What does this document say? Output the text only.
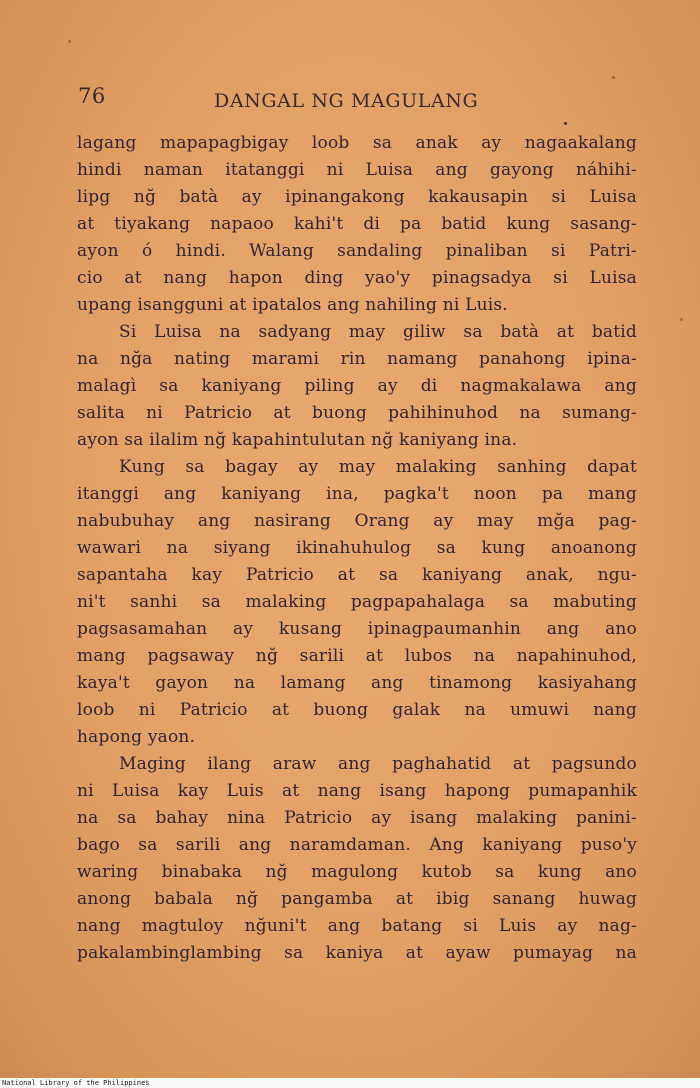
76	DANGAL NG MAGULANG
lagang mapapagbigay loob sa anak ay nagaakalang
hindi naman itatanggi ni Luisa ang gayong náhihi-
lipg nğ batà ay ipinangakong kakausapin si Luisa
at tiyakang napaoo kahi't di pa batid kung sasang-
ayon ó hindi. Walang sandaling pinaliban si Patri-
cio at nang hapon ding yao'y pinagsadya si Luisa
upang isangguni at ipatalos ang nahiling ni Luis.
Si Luisa na sadyang may giliw sa batà at batid
na nğa nating marami rin namang panahong ipina-
malagì sa kaniyang piling ay di nagmakalawa ang
salita ni Patricio at buong pahihinuhod na sumang-
ayon sa ilalim nğ kapahintulutan nğ kaniyang ina.
Kung sa bagay ay may malaking sanhing dapat
itanggi ang kaniyang ina, pagka't noon pa mang
nabubuhay ang nasirang Orang ay may mğa pag-
wawari na siyang ikinahuhulog sa kung anoanong
sapantaha kay Patricio at sa kaniyang anak, ngu-
ni't sanhi sa malaking pagpapahalaga sa mabuting
pagsasamahan ay kusang ipinagpaumanhin ang ano
mang pagsaway nğ sarili at lubos na napahinuhod,
kaya't gayon na lamang ang tinamong kasiyahang
loob ni Patricio at buong galak na umuwi nang
hapong yaon.
Maging ilang araw ang paghahatid at pagsundo
ni Luisa kay Luis at nang isang hapong pumapanhik
na sa bahay nina Patricio ay isang malaking panini-
bago sa sarili ang naramdaman. Ang kaniyang puso'y
waring binabaka nğ magulong kutob sa kung ano
anong babala nğ pangamba at ibig sanang huwag
nang magtuloy nğuni't ang batang si Luis ay nag-
pakalambinglambing sa kaniya at ayaw pumayag na
National Library of the Philippines
